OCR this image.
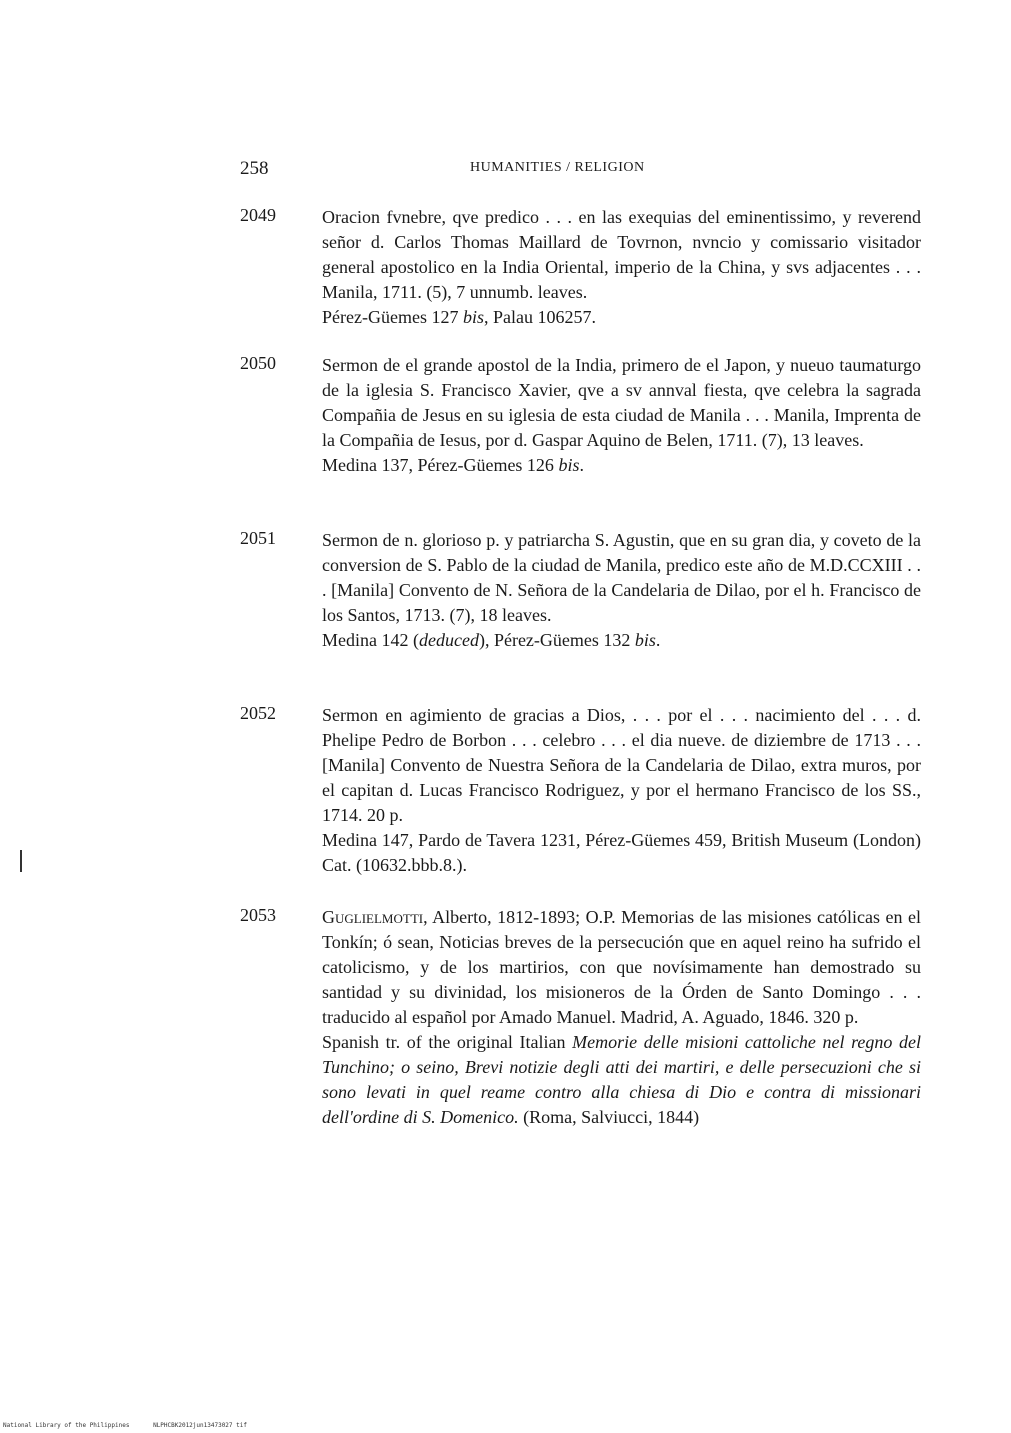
258	HUMANITIES / RELIGION
2049	Oracion fvnebre, qve predico . . . en las exequias del eminentissimo, y reverend señor d. Carlos Thomas Maillard de Tovrnon, nvncio y comissario visitador general apostolico en la India Oriental, imperio de la China, y svs adjacentes . . . Manila, 1711. (5), 7 unnumb. leaves.

Pérez-Güemes 127 bis, Palau 106257.

2050	Sermon de el grande apostol de la India, primero de el Japon, y nueuo taumaturgo de la iglesia S. Francisco Xavier, qve a sv annval fiesta, qve celebra la sagrada Compañia de Jesus en su iglesia de esta ciudad de Manila . . . Manila, Imprenta de la Compañia de Iesus, por d. Gaspar Aquino de Belen, 1711. (7), 13 leaves.

Medina 137, Pérez-Güemes 126 bis.

2051	Sermon de n. glorioso p. y patriarcha S. Agustin, que en su gran dia, y coveto de la conversion de S. Pablo de la ciudad de Manila, predico este año de M.D.CCXIII . . . [Manila] Convento de N. Señora de la Candelaria de Dilao, por el h. Francisco de los Santos, 1713. (7), 18 leaves.

Medina 142 (deduced), Pérez-Güemes 132 bis.

2052	Sermon en agimiento de gracias a Dios, . . . por el . . . nacimiento del . . . d. Phelipe Pedro de Borbon . . . celebro . . . el dia nueve. de diziembre de 1713 . . . [Manila] Convento de Nuestra Señora de la Candelaria de Dilao, extra muros, por el capitan d. Lucas Francisco Rodriguez, y por el hermano Francisco de los SS., 1714. 20 p.

Medina 147, Pardo de Tavera 1231, Pérez-Güemes 459, British Museum (London) Cat. (10632.bbb.8.).

2053	Guglielmotti, Alberto, 1812-1893; O.P. Memorias de las misiones católicas en el Tonkín; ó sean, Noticias breves de la persecución que en aquel reino ha sufrido el catolicismo, y de los martirios, con que novísimamente han demostrado su santidad y su divinidad, los misioneros de la Órden de Santo Domingo . . . traducido al español por Amado Manuel. Madrid, A. Aguado, 1846. 320 p.

Spanish tr. of the original Italian Memorie delle misioni cattoliche nel regno del Tunchino; o seino, Brevi notizie degli atti dei martiri, e delle persecuzioni che si sono levati in quel reame contro alla chiesa di Dio e contra di missionari dell'ordine di S. Domenico. (Roma, Salviucci, 1844)

National Library of the Philippines	NLPHCBK2012jun13473027 tif
